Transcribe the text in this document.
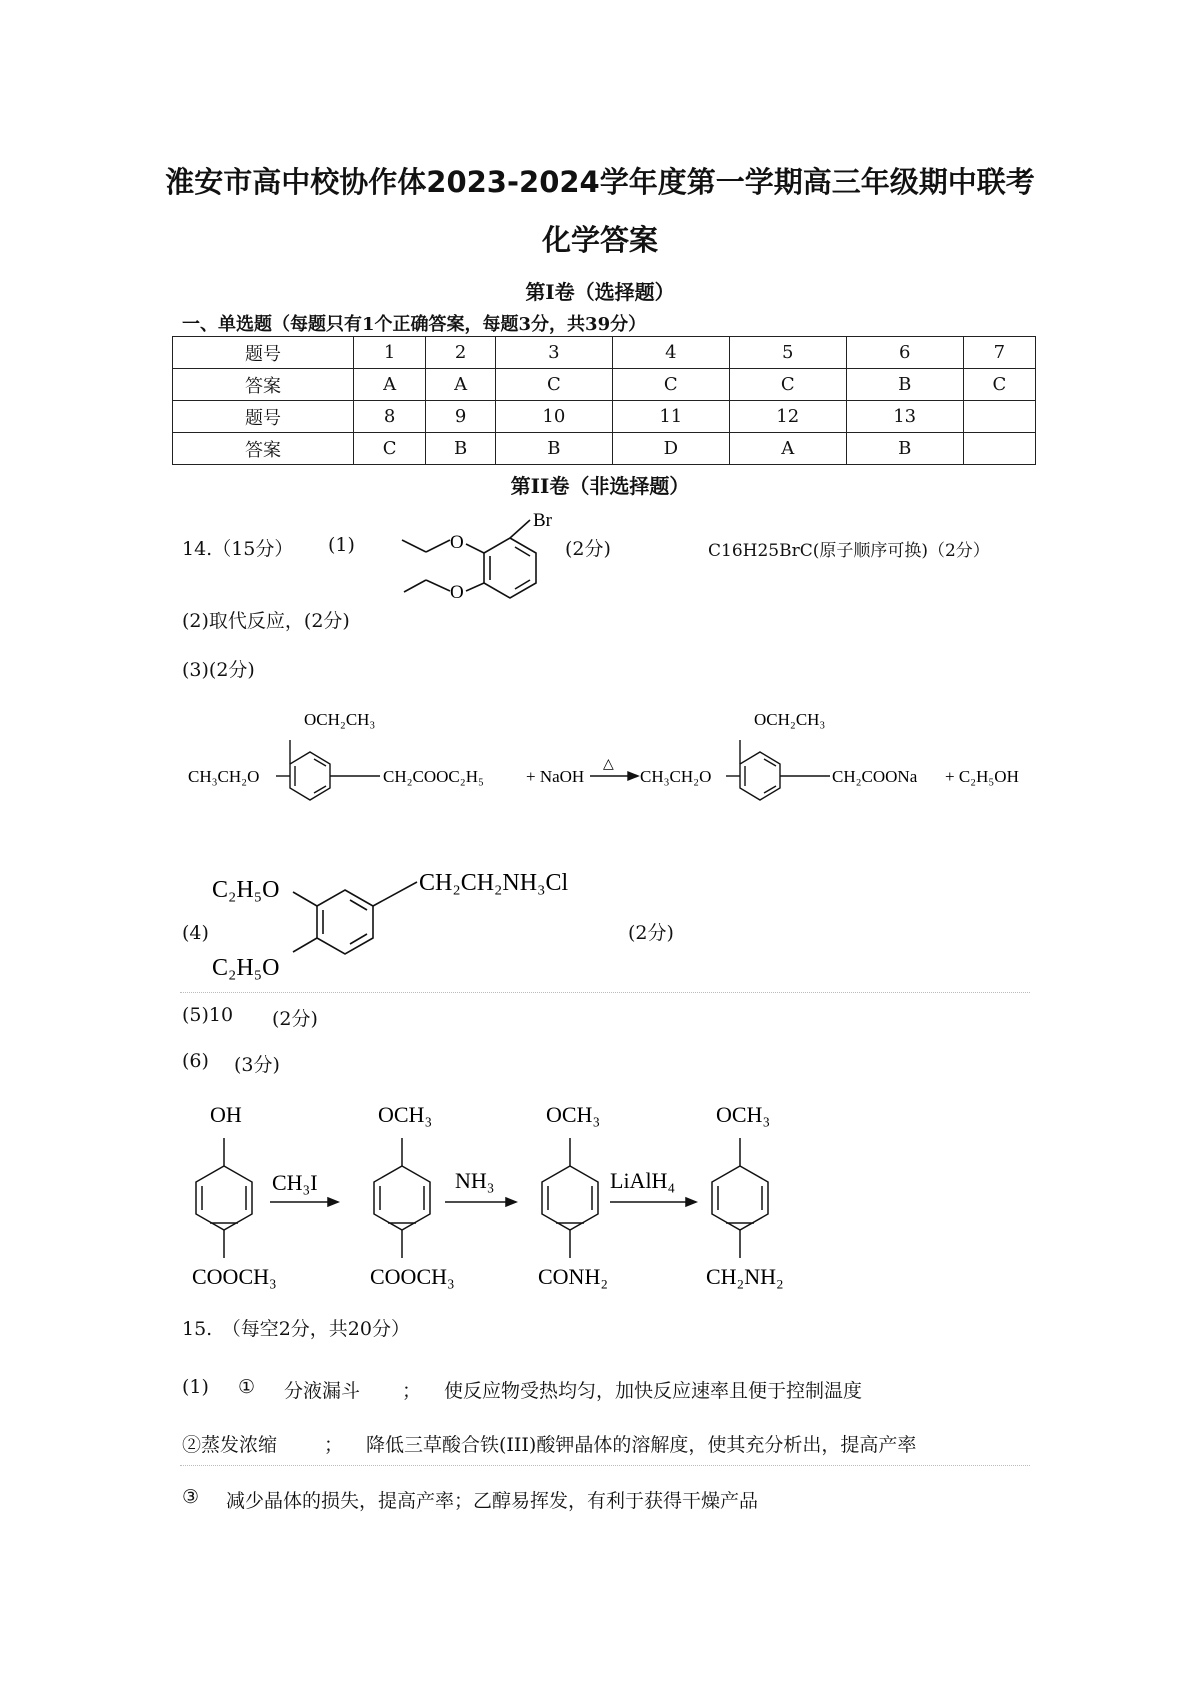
淮安市高中校协作体2023-2024学年度第一学期高三年级期中联考
化学答案
第Ⅰ卷（选择题）
一、单选题（每题只有1个正确答案，每题3分，共39分）
题号	1	2	3	4	5	6	7
答案	A	A	C	C	C	B	C
题号	8	9	10	11	12	13	
答案	C	B	B	D	A	B	
第II卷（非选择题）
14.（15分） (1)
Br
O
O
(2分)	C16H25BrC(原子顺序可换)（2分）
(2)取代反应，(2分)
(3)(2分)
OCH₂CH₃
CH₃CH₂O	CH₂COOC₂H₅ + NaOH
△
CH₃CH₂O
OCH₂CH₃
CH₂COONa + C₂H₅OH
C₂H₅O
C₂H₅O
CH₂CH₂NH₃Cl
(4)	(2分)
(5)10 (2分)
(6) (3分)
OH
COOCH₃
CH₃I
OCH₃
COOCH₃
NH₃
OCH₃
CONH₂
LiAlH₄
OCH₃
CH₂NH₂
15.　（每空2分，共20分）
(1) ① 分液漏斗 ； 使反应物受热均匀，加快反应速率且便于控制温度
②蒸发浓缩 ； 降低三草酸合铁(III)酸钾晶体的溶解度，使其充分析出，提高产率
③ 减少晶体的损失，提高产率；乙醇易挥发，有利于获得干燥产品
